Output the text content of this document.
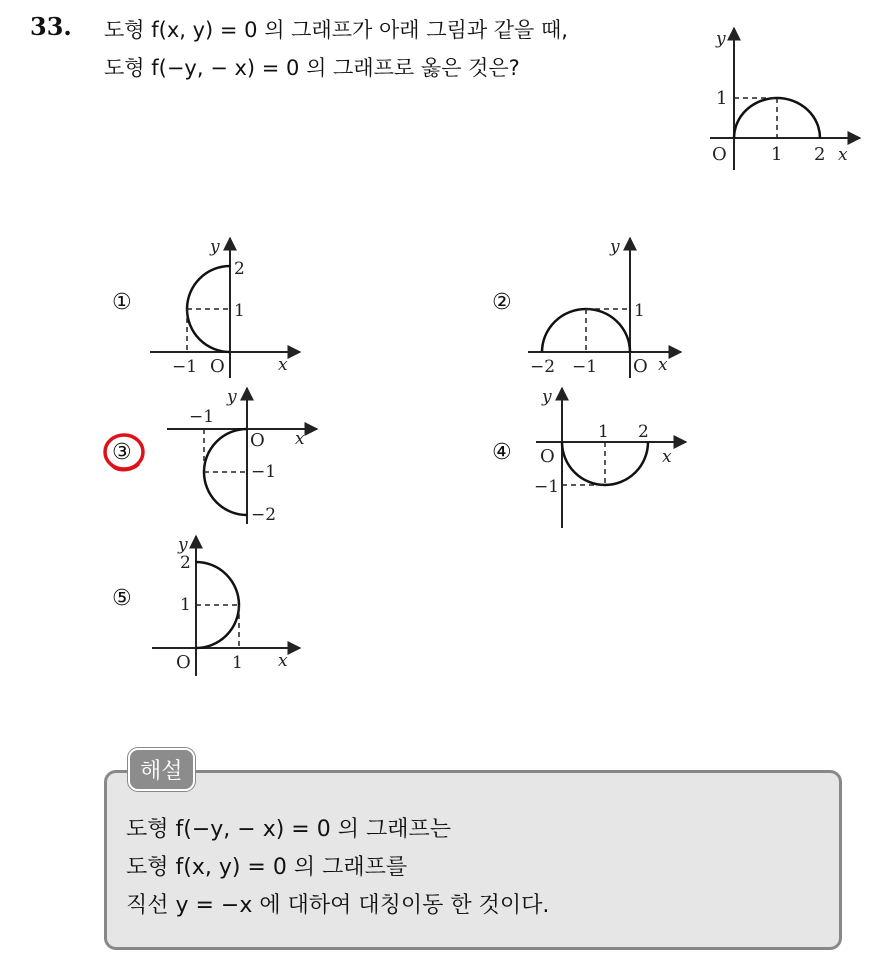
33. 도형 f(x, y) = 0 의 그래프가 아래 그림과 같을 때,
도형 f(−y, − x) = 0 의 그래프로 옳은 것은?
y
x
O 1 2
1
①
y
x
2
1
−1 O
②
y
x
1
−2 −1 O
③
y
x
−1
O
−1
−2
④
y
x
1 2
O
−1
⑤
y
x
2
1
O 1
해설
도형 f(−y, − x) = 0 의 그래프는
도형 f(x, y) = 0 의 그래프를
직선 y = −x 에 대하여 대칭이동 한 것이다.
